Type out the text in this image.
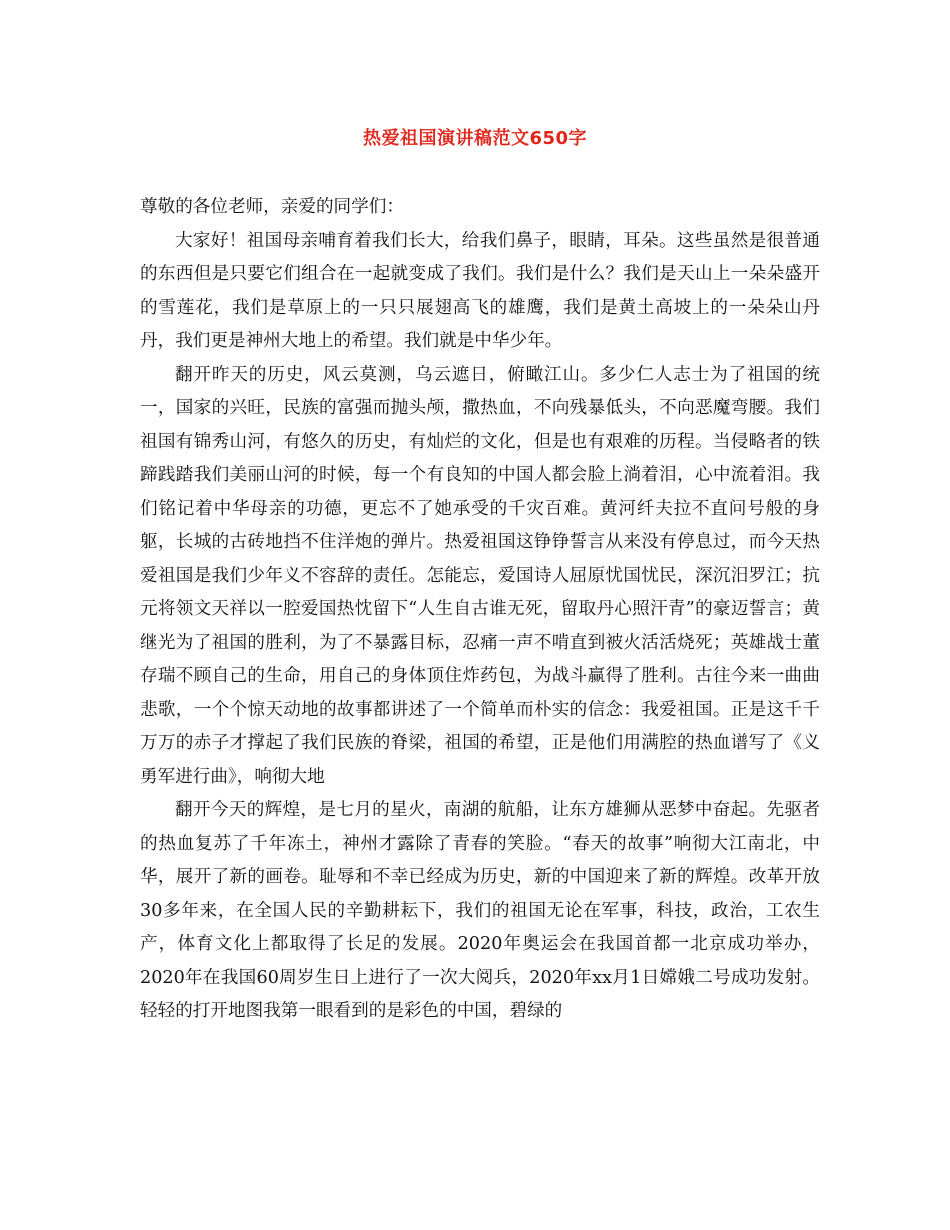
热爱祖国演讲稿范文650字

尊敬的各位老师，亲爱的同学们：

大家好！祖国母亲哺育着我们长大，给我们鼻子，眼睛，耳朵。这些虽然是很普通的东西但是只要它们组合在一起就变成了我们。我们是什么？我们是天山上一朵朵盛开的雪莲花，我们是草原上的一只只展翅高飞的雄鹰，我们是黄土高坡上的一朵朵山丹丹，我们更是神州大地上的希望。我们就是中华少年。

翻开昨天的历史，风云莫测，乌云遮日，俯瞰江山。多少仁人志士为了祖国的统一，国家的兴旺，民族的富强而抛头颅，撒热血，不向残暴低头，不向恶魔弯腰。我们祖国有锦秀山河，有悠久的历史，有灿烂的文化，但是也有艰难的历程。当侵略者的铁蹄践踏我们美丽山河的时候，每一个有良知的中国人都会脸上淌着泪，心中流着泪。我们铭记着中华母亲的功德，更忘不了她承受的千灾百难。黄河纤夫拉不直问号般的身躯，长城的古砖地挡不住洋炮的弹片。热爱祖国这铮铮誓言从来没有停息过，而今天热爱祖国是我们少年义不容辞的责任。怎能忘，爱国诗人屈原忧国忧民，深沉汨罗江；抗元将领文天祥以一腔爱国热忱留下“人生自古谁无死，留取丹心照汗青”的豪迈誓言；黄继光为了祖国的胜利，为了不暴露目标，忍痛一声不啃直到被火活活烧死；英雄战士董存瑞不顾自己的生命，用自己的身体顶住炸药包，为战斗赢得了胜利。古往今来一曲曲悲歌，一个个惊天动地的故事都讲述了一个简单而朴实的信念：我爱祖国。正是这千千万万的赤子才撑起了我们民族的脊梁，祖国的希望，正是他们用满腔的热血谱写了《义勇军进行曲》，响彻大地

翻开今天的辉煌，是七月的星火，南湖的航船，让东方雄狮从恶梦中奋起。先驱者的热血复苏了千年冻土，神州才露除了青春的笑脸。“春天的故事”响彻大江南北，中华，展开了新的画卷。耻辱和不幸已经成为历史，新的中国迎来了新的辉煌。改革开放30多年来，在全国人民的辛勤耕耘下，我们的祖国无论在军事，科技，政治，工农生产，体育文化上都取得了长足的发展。2020年奥运会在我国首都一北京成功举办，2020年在我国60周岁生日上进行了一次大阅兵，2020年xx月1日嫦娥二号成功发射。轻轻的打开地图我第一眼看到的是彩色的中国，碧绿的
